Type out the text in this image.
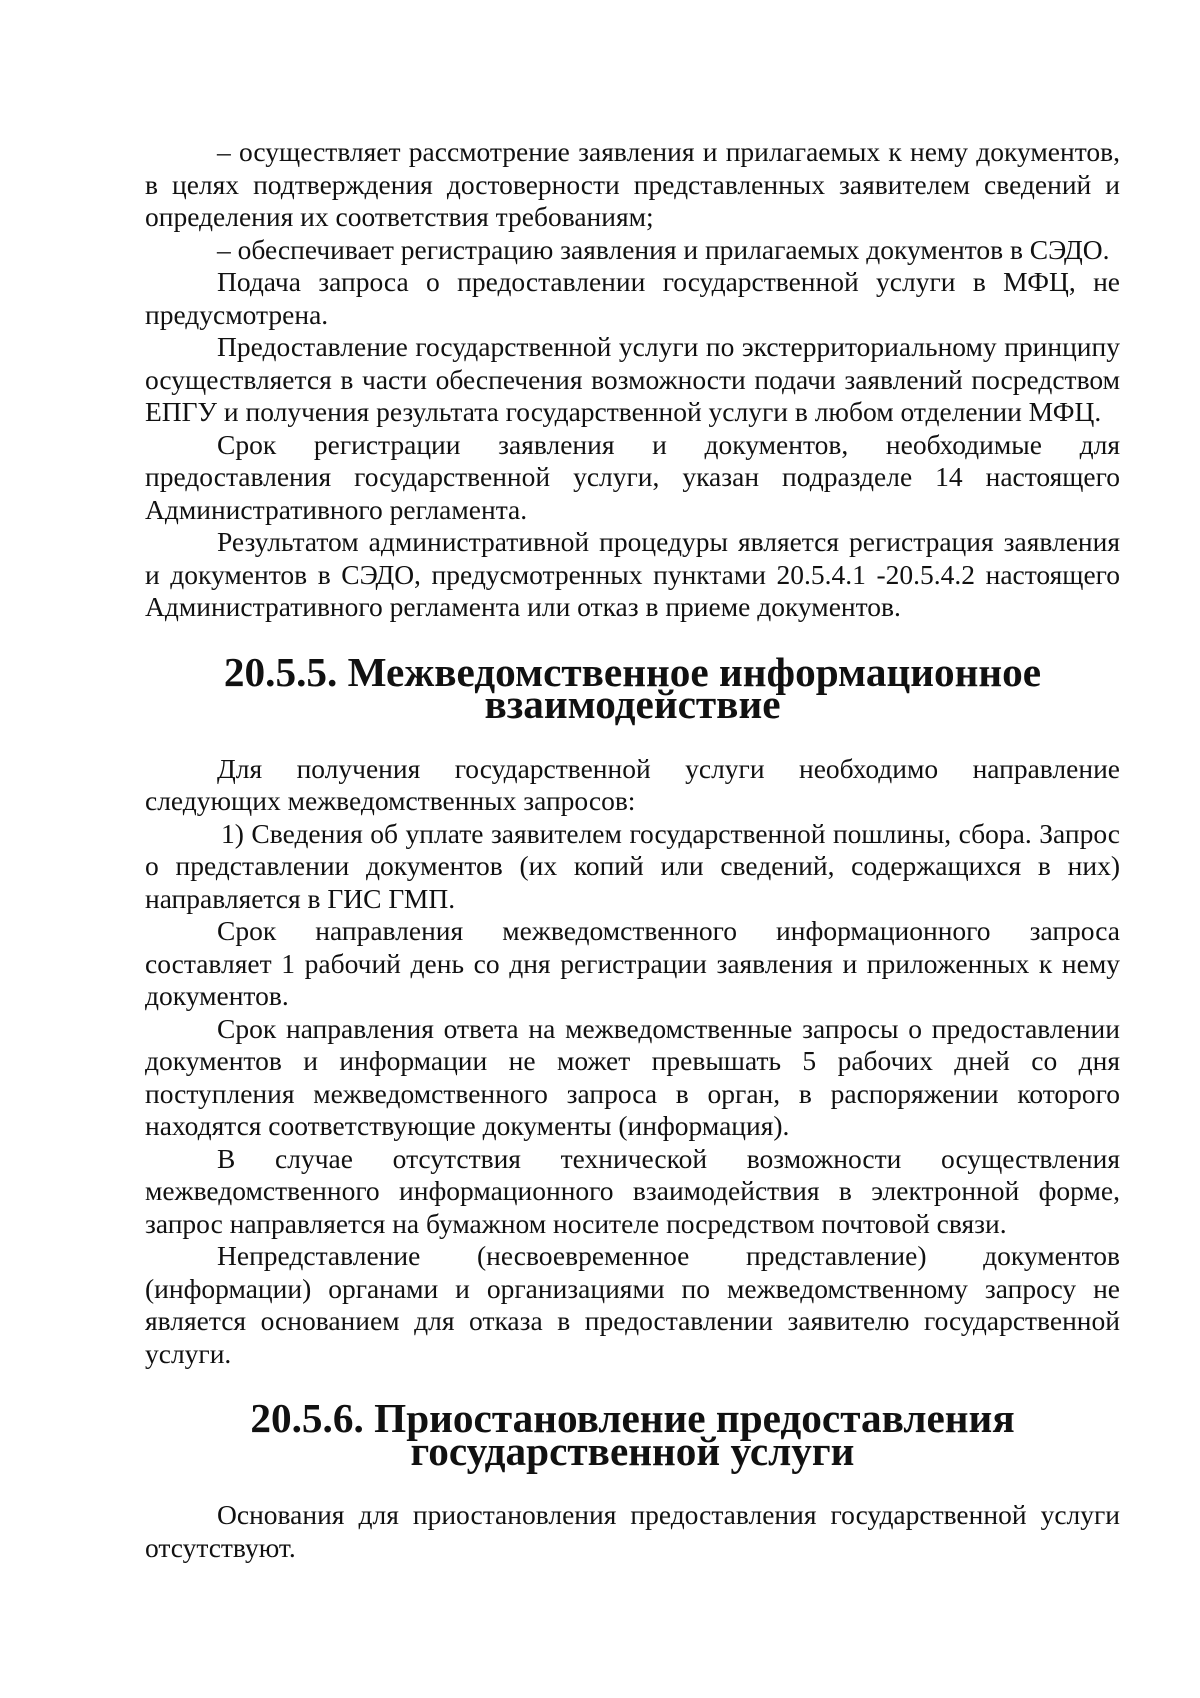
– осуществляет рассмотрение заявления и прилагаемых к нему документов, в целях подтверждения достоверности представленных заявителем сведений и определения их соответствия требованиям;

– обеспечивает регистрацию заявления и прилагаемых документов в СЭДО.

Подача запроса о предоставлении государственной услуги в МФЦ, не предусмотрена.

Предоставление государственной услуги по экстерриториальному принципу осуществляется в части обеспечения возможности подачи заявлений посредством ЕПГУ и получения результата государственной услуги в любом отделении МФЦ.

Срок регистрации заявления и документов, необходимые для предоставления государственной услуги, указан подразделе 14 настоящего Административного регламента.

Результатом административной процедуры является регистрация заявления и документов в СЭДО, предусмотренных пунктами 20.5.4.1 -20.5.4.2 настоящего Административного регламента или отказ в приеме документов.

20.5.5. Межведомственное информационное взаимодействие

Для получения государственной услуги необходимо направление следующих межведомственных запросов:

1) Сведения об уплате заявителем государственной пошлины, сбора. Запрос о представлении документов (их копий или сведений, содержащихся в них) направляется в ГИС ГМП.

Срок направления межведомственного информационного запроса составляет 1 рабочий день со дня регистрации заявления и приложенных к нему документов.

Срок направления ответа на межведомственные запросы о предоставлении документов и информации не может превышать 5 рабочих дней со дня поступления межведомственного запроса в орган, в распоряжении которого находятся соответствующие документы (информация).

В случае отсутствия технической возможности осуществления межведомственного информационного взаимодействия в электронной форме, запрос направляется на бумажном носителе посредством почтовой связи.

Непредставление (несвоевременное представление) документов (информации) органами и организациями по межведомственному запросу не является основанием для отказа в предоставлении заявителю государственной услуги.

20.5.6. Приостановление предоставления государственной услуги

Основания для приостановления предоставления государственной услуги отсутствуют.
